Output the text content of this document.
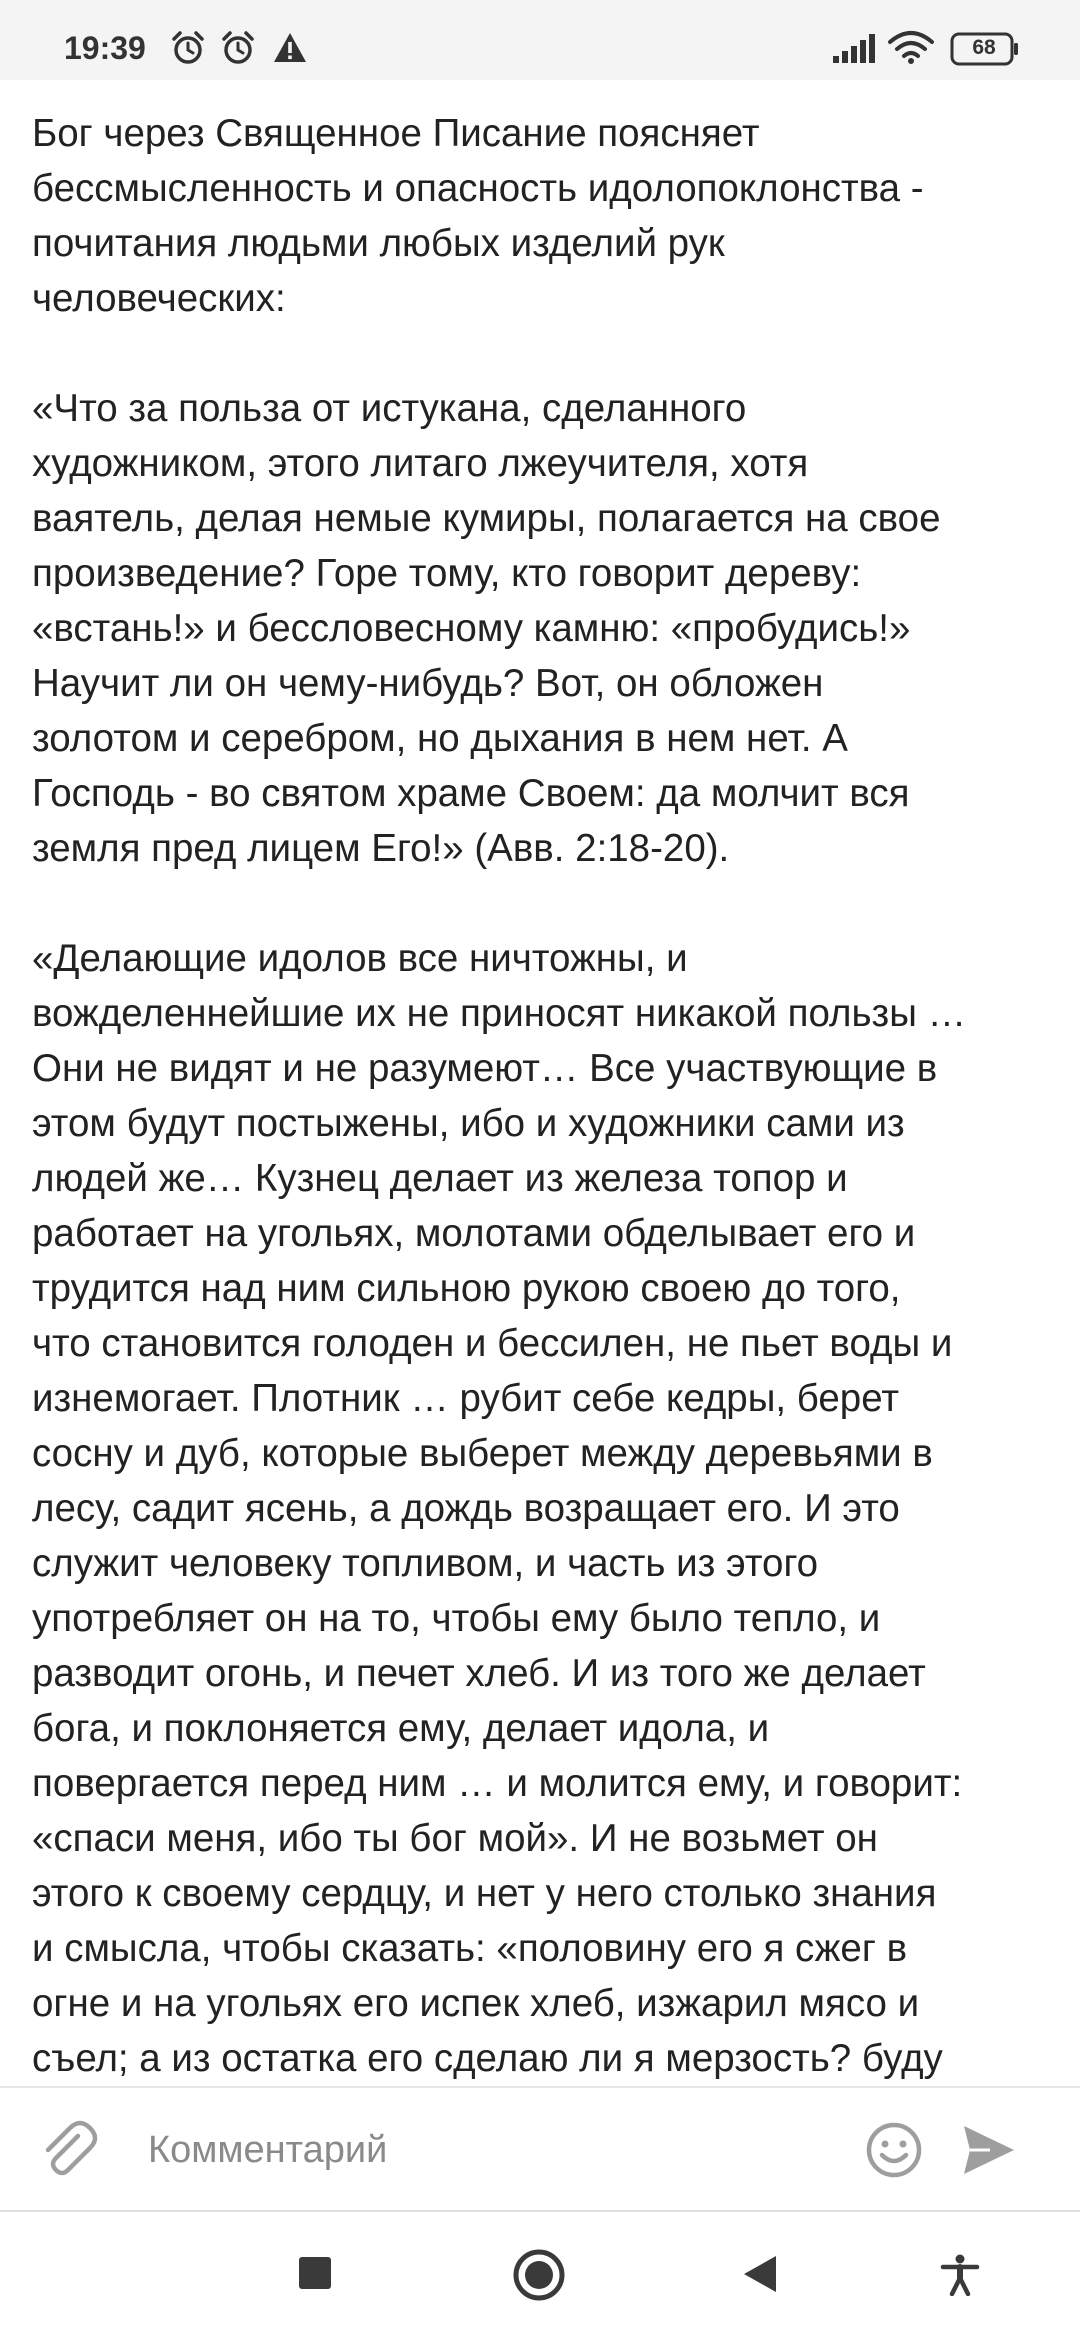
19:39	68

Бог через Священное Писание поясняет
бессмысленность и опасность идолопоклонства -
почитания людьми любых изделий рук
человеческих:

«Что за польза от истукана, сделанного
художником, этого литаго лжеучителя, хотя
ваятель, делая немые кумиры, полагается на свое
произведение? Горе тому, кто говорит дереву:
«встань!» и бессловесному камню: «пробудись!»
Научит ли он чему-нибудь? Вот, он обложен
золотом и серебром, но дыхания в нем нет. А
Господь - во святом храме Своем: да молчит вся
земля пред лицем Его!» (Авв. 2:18-20).

«Делающие идолов все ничтожны, и
вожделеннейшие их не приносят никакой пользы …
Они не видят и не разумеют… Все участвующие в
этом будут постыжены, ибо и художники сами из
людей же… Кузнец делает из железа топор и
работает на угольях, молотами обделывает его и
трудится над ним сильною рукою своею до того,
что становится голоден и бессилен, не пьет воды и
изнемогает. Плотник … рубит себе кедры, берет
сосну и дуб, которые выберет между деревьями в
лесу, садит ясень, а дождь возращает его. И это
служит человеку топливом, и часть из этого
употребляет он на то, чтобы ему было тепло, и
разводит огонь, и печет хлеб. И из того же делает
бога, и поклоняется ему, делает идола, и
повергается перед ним … и молится ему, и говорит:
«спаси меня, ибо ты бог мой». И не возьмет он
этого к своему сердцу, и нет у него столько знания
и смысла, чтобы сказать: «половину его я сжег в
огне и на угольях его испек хлеб, изжарил мясо и
съел; а из остатка его сделаю ли я мерзость? буду

Комментарий
